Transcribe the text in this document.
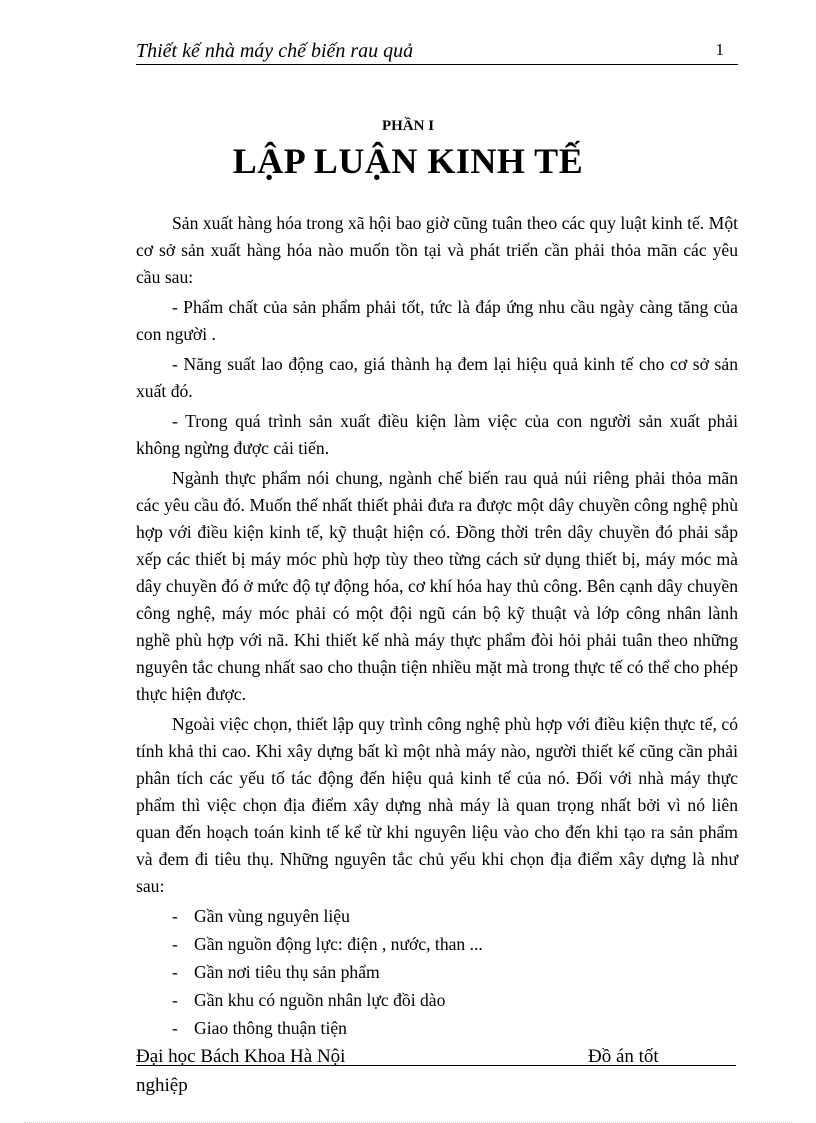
Thiết kế nhà máy chế biến rau quả	1
PHẦN I
LẬP LUẬN KINH TẾ

Sản xuất hàng hóa trong xã hội bao giờ cũng tuân theo các quy luật kinh tế. Một cơ sở sản xuất hàng hóa nào muốn tồn tại và phát triển cần phải thỏa mãn các yêu cầu sau:

- Phẩm chất của sản phẩm phải tốt, tức là đáp ứng nhu cầu ngày càng tăng của con người .

- Năng suất lao động cao, giá thành hạ đem lại hiệu quả kinh tế cho cơ sở sản xuất đó.

- Trong quá trình sản xuất điều kiện làm việc của con người sản xuất phải không ngừng được cải tiến.

Ngành thực phẩm nói chung, ngành chế biến rau quả núi riêng phải thỏa mãn các yêu cầu đó. Muốn thế nhất thiết phải đưa ra được một dây chuyền công nghệ phù hợp với điều kiện kinh tế, kỹ thuật hiện có. Đồng thời trên dây chuyền đó phải sắp xếp các thiết bị máy móc phù hợp tùy theo từng cách sử dụng thiết bị, máy móc mà dây chuyền đó ở mức độ tự động hóa, cơ khí hóa hay thủ công. Bên cạnh dây chuyền công nghệ, máy móc phải có một đội ngũ cán bộ kỹ thuật và lớp công nhân lành nghề phù hợp với nã. Khi thiết kế nhà máy thực phẩm đòi hỏi phải tuân theo những nguyên tắc chung nhất sao cho thuận tiện nhiều mặt mà trong thực tế có thể cho phép thực hiện được.

Ngoài việc chọn, thiết lập quy trình công nghệ phù hợp với điều kiện thực tế, có tính khả thi cao. Khi xây dựng bất kì một nhà máy nào, người thiết kế cũng cần phải phân tích các yếu tố tác động đến hiệu quả kinh tế của nó. Đối với nhà máy thực phẩm thì việc chọn địa điểm xây dựng nhà máy là quan trọng nhất bởi vì nó liên quan đến hoạch toán kinh tế kể từ khi nguyên liệu vào cho đến khi tạo ra sản phẩm và đem đi tiêu thụ. Những nguyên tắc chủ yếu khi chọn địa điểm xây dựng là như sau:

- Gần vùng nguyên liệu
- Gần nguồn động lực: điện , nước, than ...
- Gần nơi tiêu thụ sản phẩm
- Gần khu có nguồn nhân lực đồi dào
- Giao thông thuận tiện
Đại học Bách Khoa Hà Nội	Đồ án tốt
nghiệp
